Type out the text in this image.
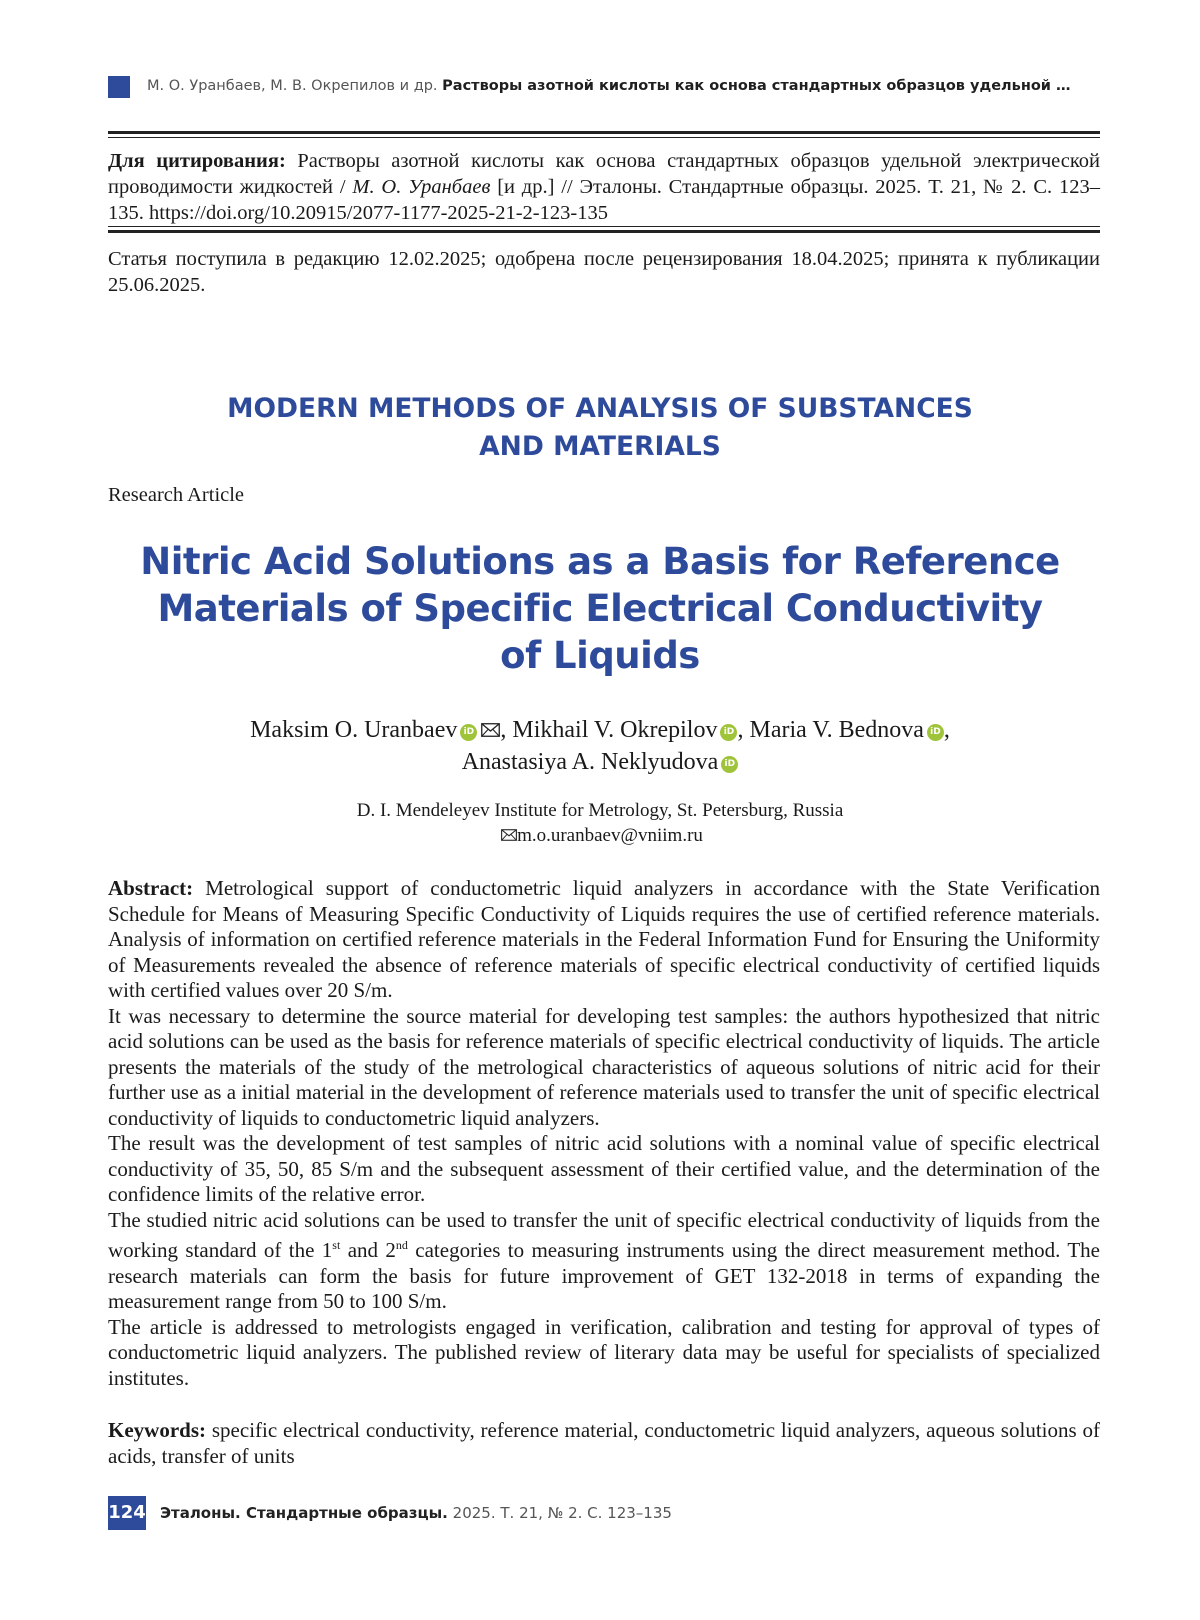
М. О. Уранбаев, М. В. Окрепилов и др. Растворы азотной кислоты как основа стандартных образцов удельной …
Для цитирования: Растворы азотной кислоты как основа стандартных образцов удельной электрической проводимости жидкостей / М. О. Уранбаев [и др.] // Эталоны. Стандартные образцы. 2025. Т. 21, № 2. С. 123–135. https://doi.org/10.20915/2077-1177-2025-21-2-123-135
Статья поступила в редакцию 12.02.2025; одобрена после рецензирования 18.04.2025; принята к публикации 25.06.2025.
MODERN METHODS OF ANALYSIS OF SUBSTANCES
AND MATERIALS
Research Article
Nitric Acid Solutions as a Basis for Reference
Materials of Specific Electrical Conductivity
of Liquids
Maksim O. Uranbaev iD , Mikhail V. Okrepilov iD , Maria V. Bednova iD ,
Anastasiya A. Neklyudova iD
D. I. Mendeleyev Institute for Metrology, St. Petersburg, Russia
m.o.uranbaev@vniim.ru

Abstract: Metrological support of conductometric liquid analyzers in accordance with the State Verification Schedule for Means of Measuring Specific Conductivity of Liquids requires the use of certified reference materials. Analysis of information on certified reference materials in the Federal Information Fund for Ensuring the Uniformity of Measurements revealed the absence of reference materials of specific electrical conductivity of certified liquids with certified values over 20 S/m.

It was necessary to determine the source material for developing test samples: the authors hypothesized that nitric acid solutions can be used as the basis for reference materials of specific electrical conductivity of liquids. The article presents the materials of the study of the metrological characteristics of aqueous solutions of nitric acid for their further use as a initial material in the development of reference materials used to transfer the unit of specific electrical conductivity of liquids to conductometric liquid analyzers.

The result was the development of test samples of nitric acid solutions with a nominal value of specific electrical conductivity of 35, 50, 85 S/m and the subsequent assessment of their certified value, and the determination of the confidence limits of the relative error.

The studied nitric acid solutions can be used to transfer the unit of specific electrical conductivity of liquids from the working standard of the 1st and 2nd categories to measuring instruments using the direct measurement method. The research materials can form the basis for future improvement of GET 132-2018 in terms of expanding the measurement range from 50 to 100 S/m.

The article is addressed to metrologists engaged in verification, calibration and testing for approval of types of conductometric liquid analyzers. The published review of literary data may be useful for specialists of specialized institutes.

Keywords: specific electrical conductivity, reference material, conductometric liquid analyzers, aqueous solutions of acids, transfer of units
124 Эталоны. Стандартные образцы. 2025. Т. 21, № 2. С. 123–135
